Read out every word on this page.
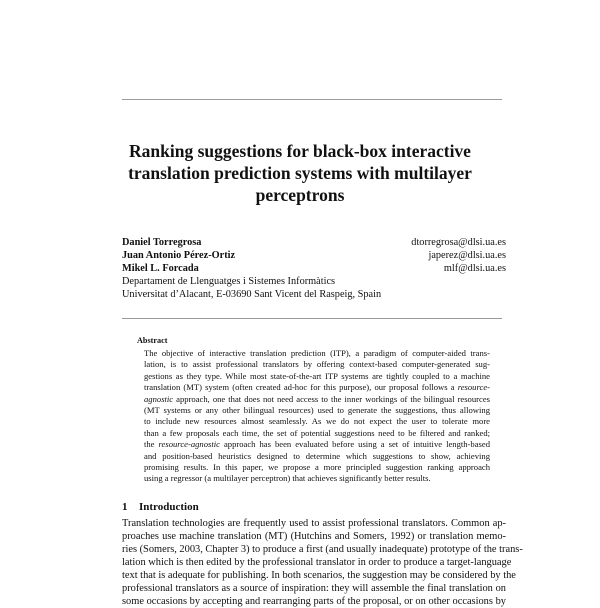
Ranking suggestions for black-box interactive
translation prediction systems with multilayer
perceptrons
Daniel Torregrosa	dtorregrosa@dlsi.ua.es
Juan Antonio Pérez-Ortiz	japerez@dlsi.ua.es
Mikel L. Forcada	mlf@dlsi.ua.es
Departament de Llenguatges i Sistemes Informàtics
Universitat d’Alacant, E-03690 Sant Vicent del Raspeig, Spain
Abstract
The objective of interactive translation prediction (ITP), a paradigm of computer-aided trans-
lation, is to assist professional translators by offering context-based computer-generated sug-
gestions as they type. While most state-of-the-art ITP systems are tightly coupled to a machine
translation (MT) system (often created ad-hoc for this purpose), our proposal follows a resource-
agnostic approach, one that does not need access to the inner workings of the bilingual resources
(MT systems or any other bilingual resources) used to generate the suggestions, thus allowing
to include new resources almost seamlessly. As we do not expect the user to tolerate more
than a few proposals each time, the set of potential suggestions need to be filtered and ranked;
the resource-agnostic approach has been evaluated before using a set of intuitive length-based
and position-based heuristics designed to determine which suggestions to show, achieving
promising results. In this paper, we propose a more principled suggestion ranking approach
using a regressor (a multilayer perceptron) that achieves significantly better results.
1 Introduction
Translation technologies are frequently used to assist professional translators. Common ap-
proaches use machine translation (MT) (Hutchins and Somers, 1992) or translation memo-
ries (Somers, 2003, Chapter 3) to produce a first (and usually inadequate) prototype of the trans-
lation which is then edited by the professional translator in order to produce a target-language
text that is adequate for publishing. In both scenarios, the suggestion may be considered by the
professional translators as a source of inspiration: they will assemble the final translation on
some occasions by accepting and rearranging parts of the proposal, or on other occasions by
